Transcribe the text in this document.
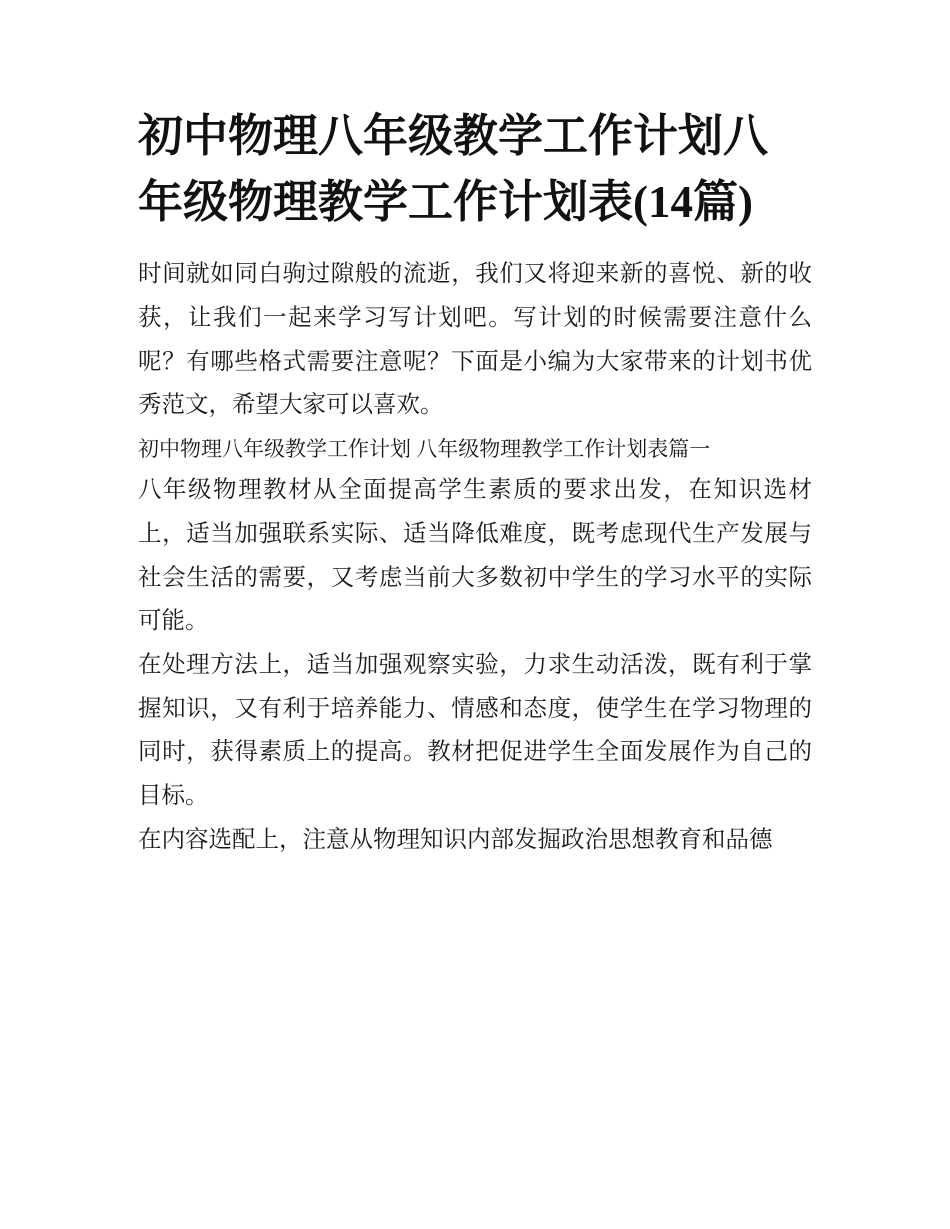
初中物理八年级教学工作计划八年级物理教学工作计划表(14篇)

时间就如同白驹过隙般的流逝，我们又将迎来新的喜悦、新的收获，让我们一起来学习写计划吧。写计划的时候需要注意什么呢？有哪些格式需要注意呢？下面是小编为大家带来的计划书优秀范文，希望大家可以喜欢。

初中物理八年级教学工作计划 八年级物理教学工作计划表篇一

八年级物理教材从全面提高学生素质的要求出发，在知识选材上，适当加强联系实际、适当降低难度，既考虑现代生产发展与社会生活的需要，又考虑当前大多数初中学生的学习水平的实际可能。

在处理方法上，适当加强观察实验，力求生动活泼，既有利于掌握知识，又有利于培养能力、情感和态度，使学生在学习物理的同时，获得素质上的提高。教材把促进学生全面发展作为自己的目标。

在内容选配上，注意从物理知识内部发掘政治思想教育和品德
